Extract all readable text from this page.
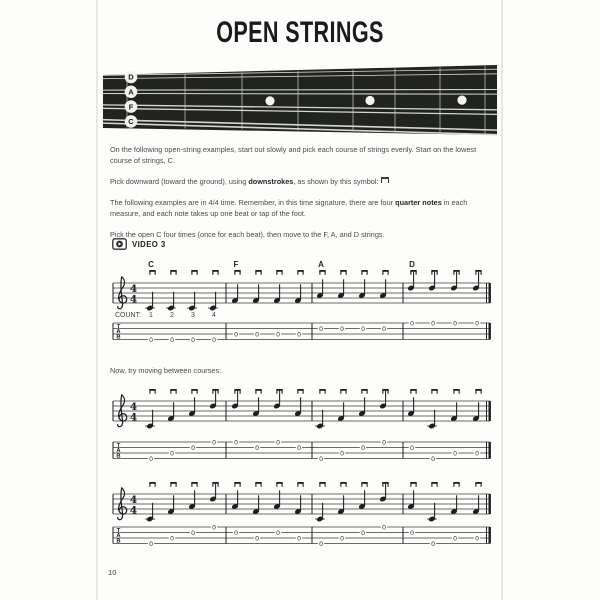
OPEN STRINGS
D
A
F
C

On the following open-string examples, start out slowly and pick each course of strings evenly. Start on the lowest course of strings, C.

Pick downward (toward the ground), using downstrokes, as shown by this symbol:

The following examples are in 4/4 time. Remember, in this time signature, there are four quarter notes in each measure, and each note takes up one beat or tap of the foot.

Pick the open C four times (once for each beat), then move to the F, A, and D strings.

VIDEO 3
4
4
C	F	A	D
T
A
B	0	0	0	0
0	0	0	0
0	0	0	0
0	0	0	0
COUNT: 1 2 3 4
4
4
T
A
B	0
0
0
0	0
0
0
0
0
0
0
0
0
0
0	0
4
4
T
A
B	0
0
0
0
0
0
0
0
0
0
0
0
0
0
0	0
Now, try moving between courses:
10
